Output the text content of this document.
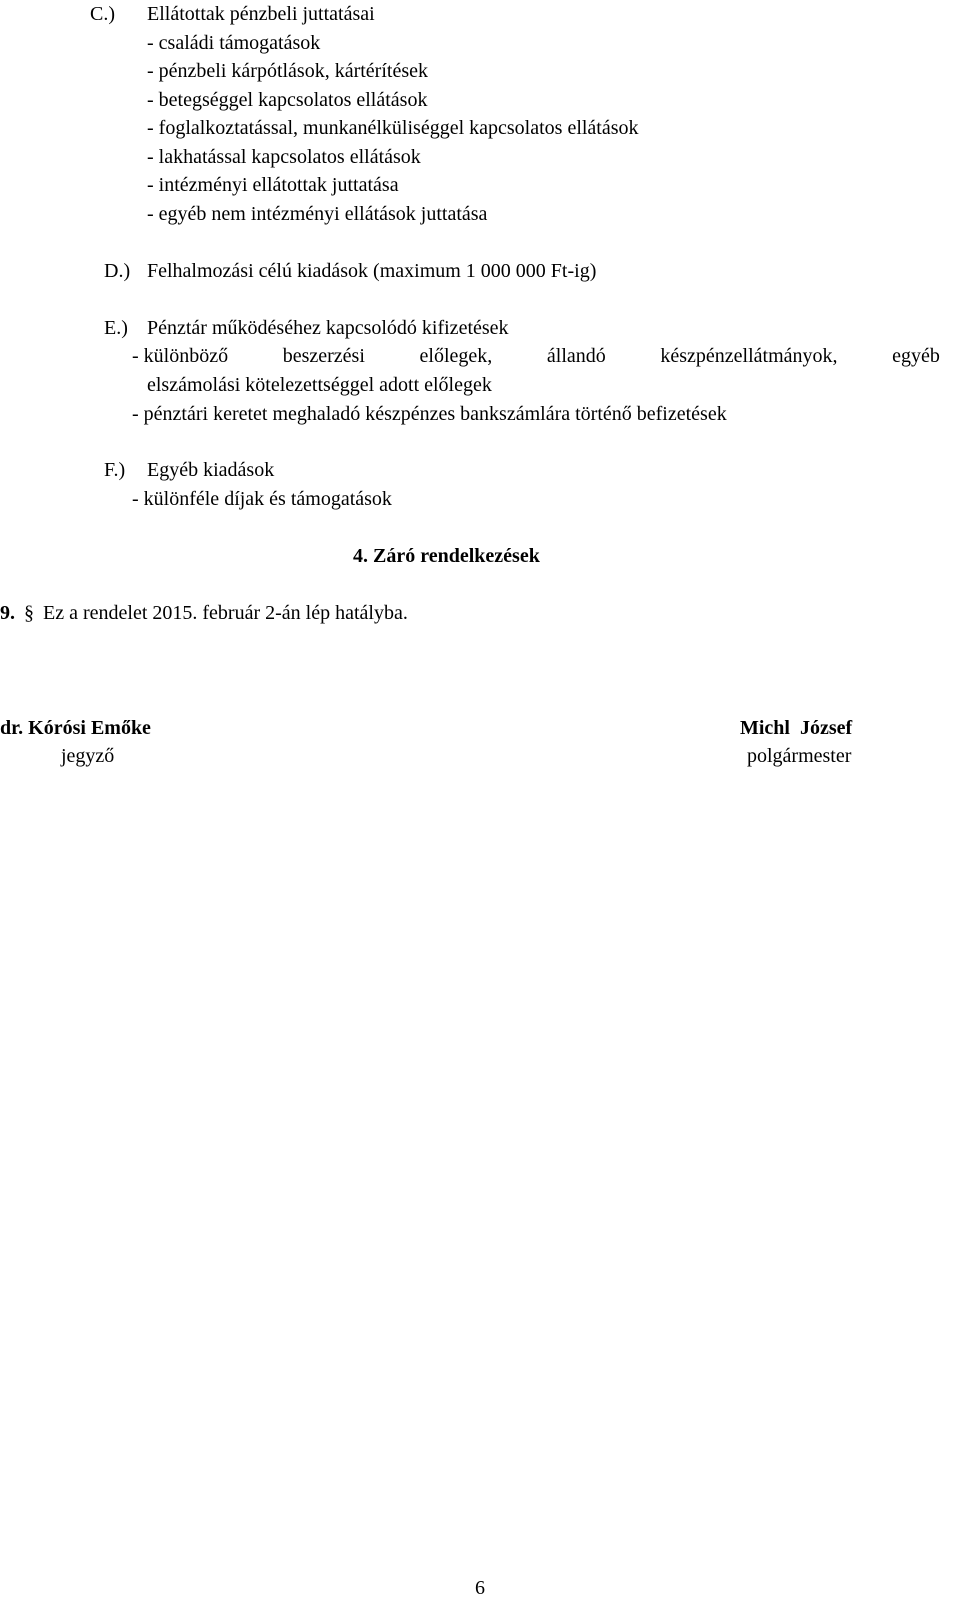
C.) Ellátottak pénzbeli juttatásai
- családi támogatások
- pénzbeli kárpótlások, kártérítések
- betegséggel kapcsolatos ellátások
- foglalkoztatással, munkanélküliséggel kapcsolatos ellátások
- lakhatással kapcsolatos ellátások
- intézményi ellátottak juttatása
- egyéb nem intézményi ellátások juttatása
D.) Felhalmozási célú kiadások (maximum 1 000 000 Ft-ig)
E.) Pénztár működéséhez kapcsolódó kifizetések
- különböző	beszerzési	előlegek,	állandó	készpénzellátmányok,	egyéb
elszámolási kötelezettséggel adott előlegek
- pénztári keretet meghaladó készpénzes bankszámlára történő befizetések
F.) Egyéb kiadások
- különféle díjak és támogatások
4. Záró rendelkezések
9. § Ez a rendelet 2015. február 2-án lép hatályba.
dr. Kórósi Emőke
jegyző
Michl  József
polgármester
6
